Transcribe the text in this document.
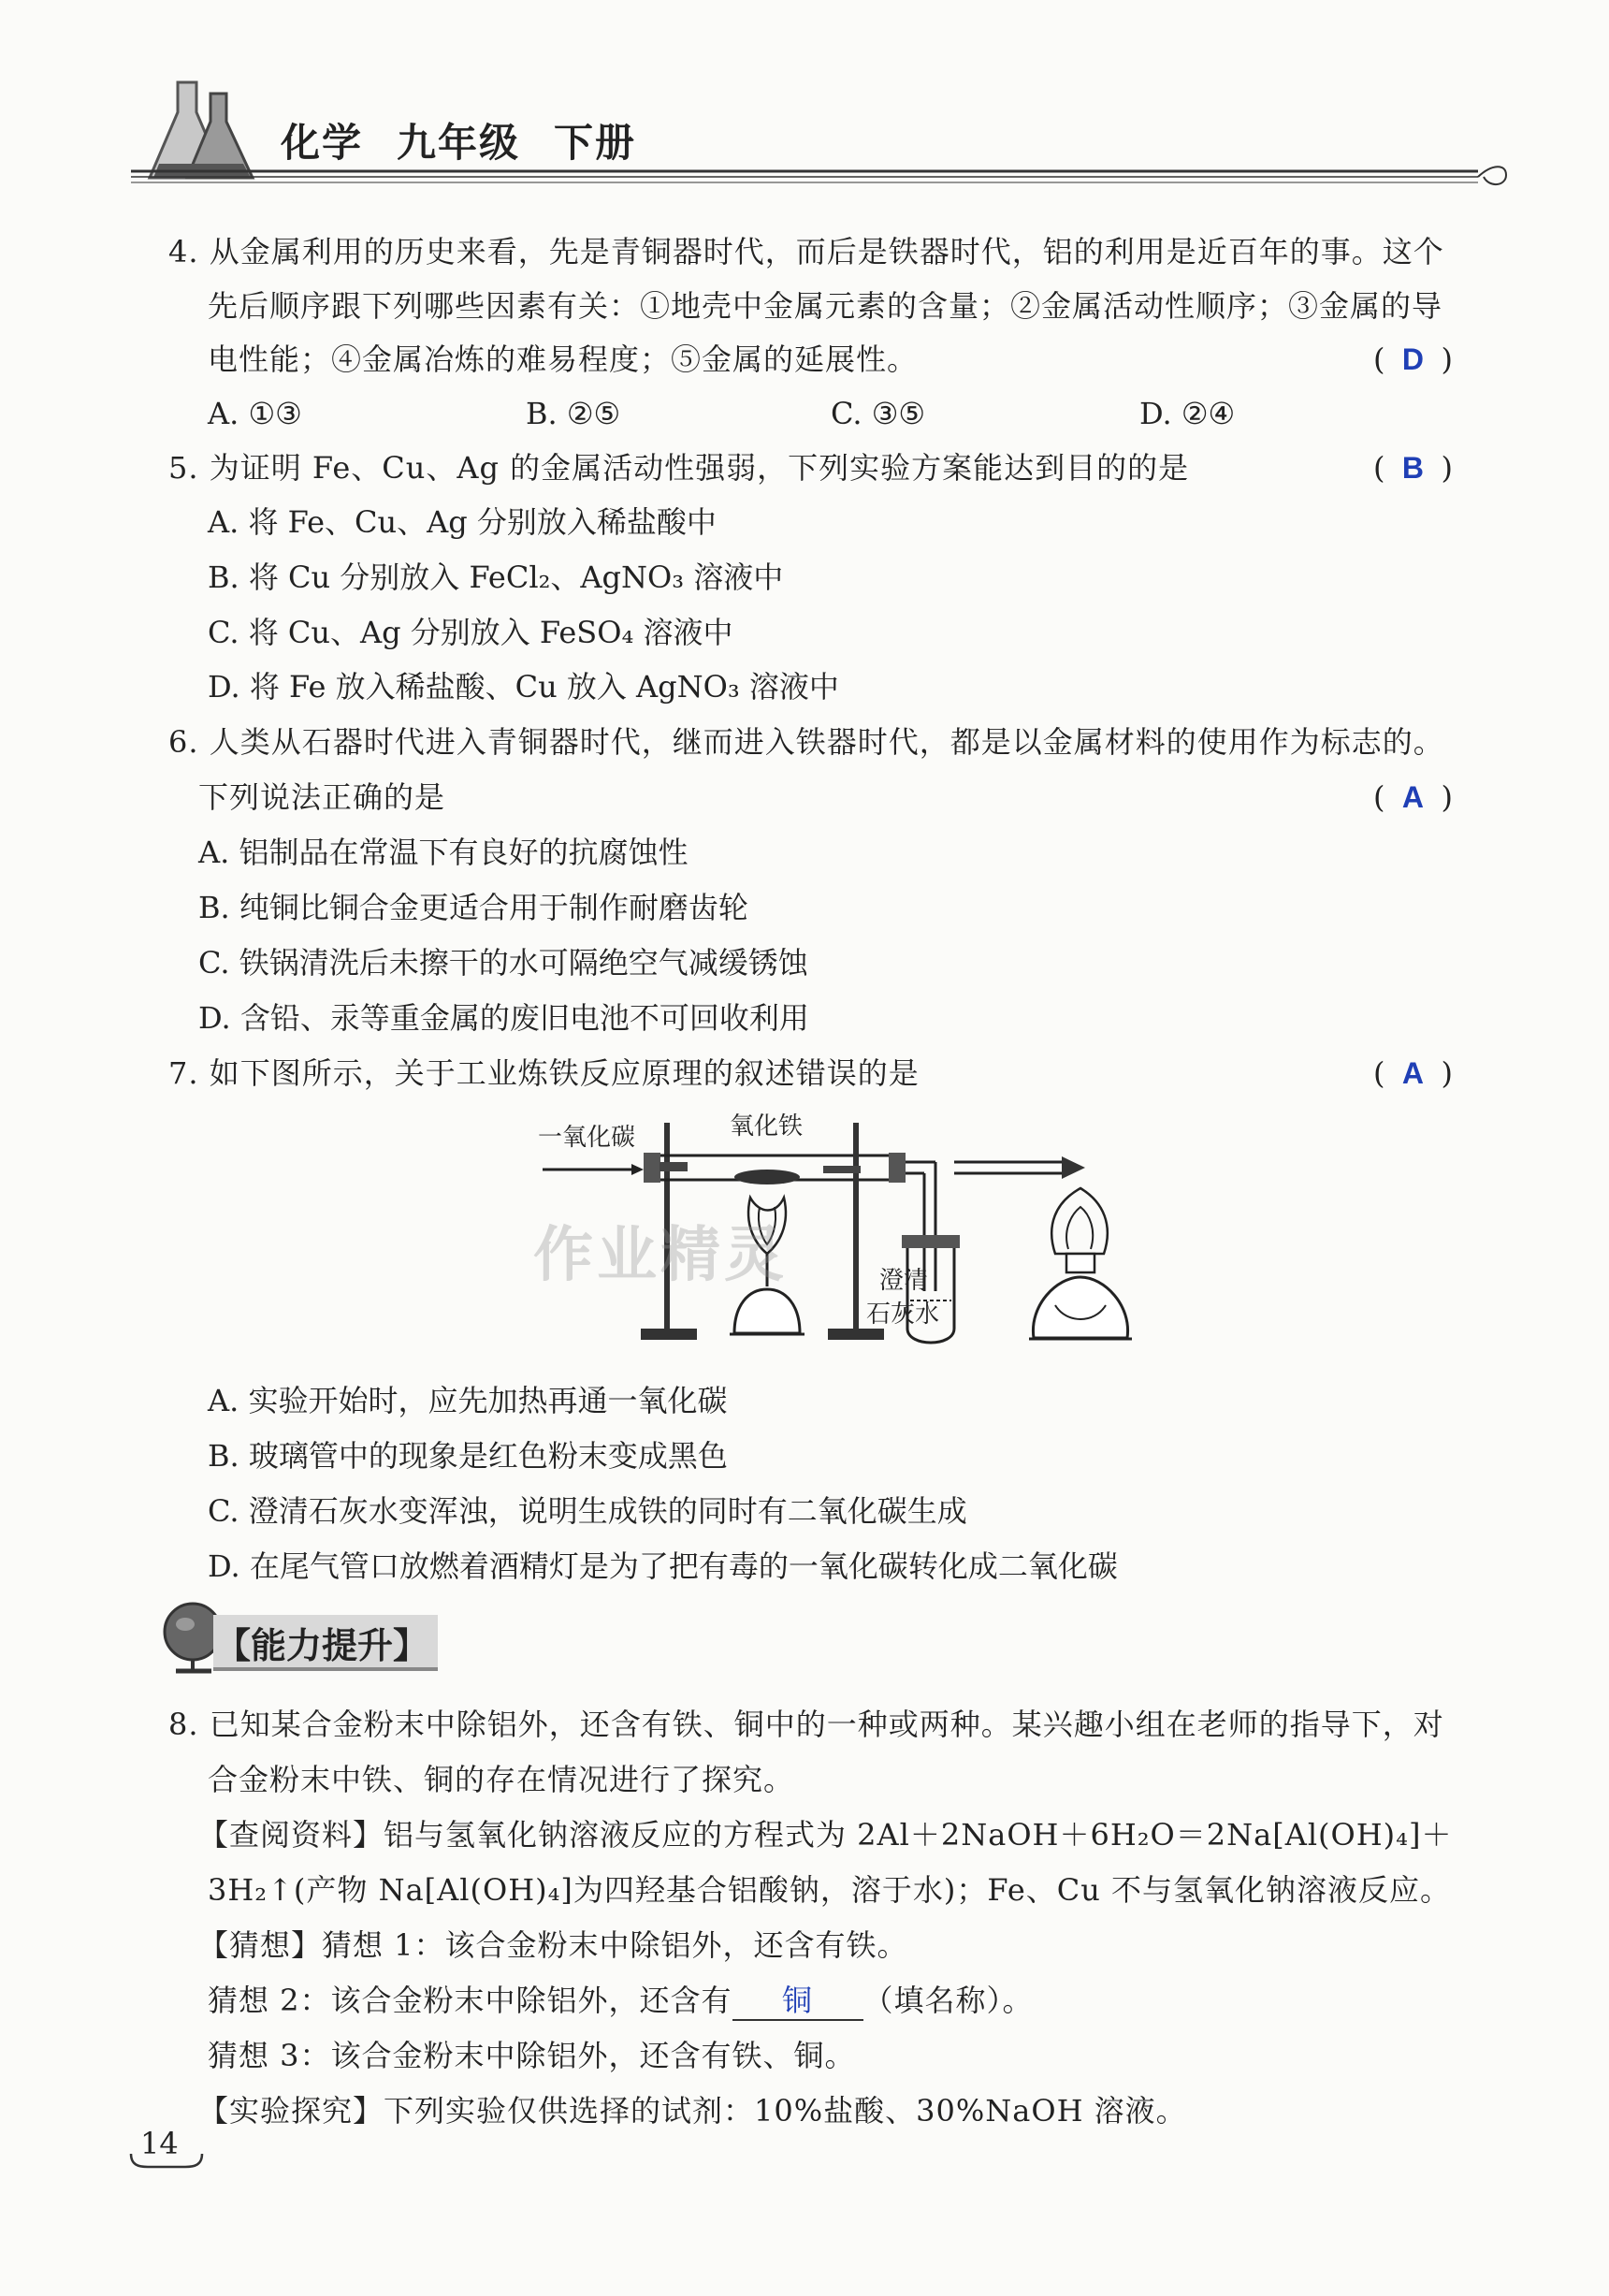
化学 九年级 下册
4. 从金属利用的历史来看，先是青铜器时代，而后是铁器时代，铝的利用是近百年的事。这个
先后顺序跟下列哪些因素有关：①地壳中金属元素的含量；②金属活动性顺序；③金属的导
电性能；④金属冶炼的难易程度；⑤金属的延展性。	( D )
A. ①③	B. ②⑤	C. ③⑤	D. ②④
5. 为证明 Fe、Cu、Ag 的金属活动性强弱，下列实验方案能达到目的的是	( B )
A. 将 Fe、Cu、Ag 分别放入稀盐酸中
B. 将 Cu 分别放入 FeCl₂、AgNO₃ 溶液中
C. 将 Cu、Ag 分别放入 FeSO₄ 溶液中
D. 将 Fe 放入稀盐酸、Cu 放入 AgNO₃ 溶液中
6. 人类从石器时代进入青铜器时代，继而进入铁器时代，都是以金属材料的使用作为标志的。
下列说法正确的是	( A )
A. 铝制品在常温下有良好的抗腐蚀性
B. 纯铜比铜合金更适合用于制作耐磨齿轮
C. 铁锅清洗后未擦干的水可隔绝空气减缓锈蚀
D. 含铅、汞等重金属的废旧电池不可回收利用
7. 如下图所示，关于工业炼铁反应原理的叙述错误的是	( A )
一氧化碳	氧化铁
澄清
石灰水
作业精灵
A. 实验开始时，应先加热再通一氧化碳
B. 玻璃管中的现象是红色粉末变成黑色
C. 澄清石灰水变浑浊，说明生成铁的同时有二氧化碳生成
D. 在尾气管口放燃着酒精灯是为了把有毒的一氧化碳转化成二氧化碳
【能力提升】
8. 已知某合金粉末中除铝外，还含有铁、铜中的一种或两种。某兴趣小组在老师的指导下，对
合金粉末中铁、铜的存在情况进行了探究。
【查阅资料】铝与氢氧化钠溶液反应的方程式为 2Al＋2NaOH＋6H₂O＝2Na[Al(OH)₄]＋
3H₂↑(产物 Na[Al(OH)₄]为四羟基合铝酸钠，溶于水)；Fe、Cu 不与氢氧化钠溶液反应。
【猜想】猜想 1：该合金粉末中除铝外，还含有铁。
猜想 2：该合金粉末中除铝外，还含有 铜 （填名称）。
猜想 3：该合金粉末中除铝外，还含有铁、铜。
【实验探究】下列实验仅供选择的试剂：10%盐酸、30%NaOH 溶液。
14
